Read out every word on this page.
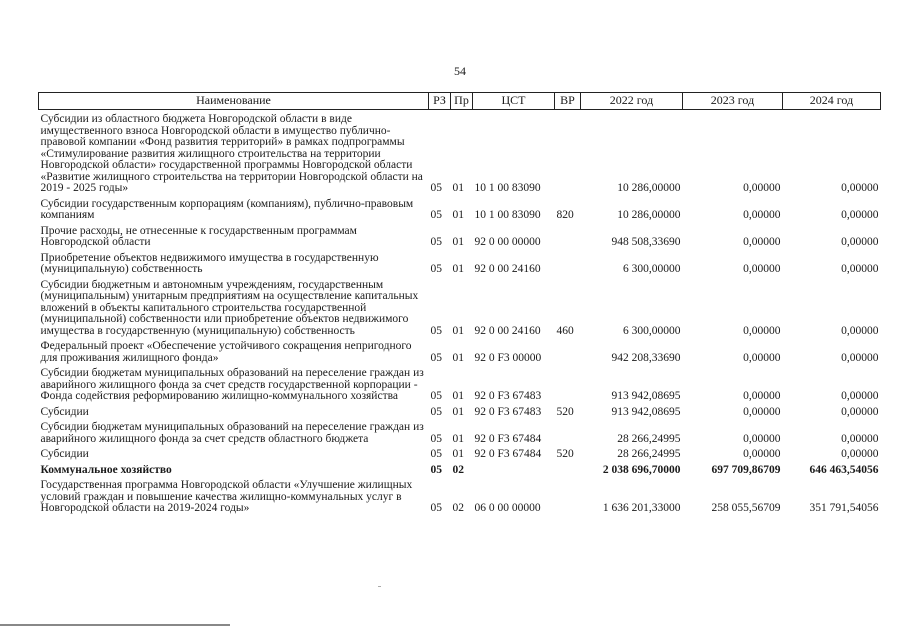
54
Наименование	РЗ	Пр	ЦСТ	ВР	2022 год	2023 год	2024 год
Субсидии из областного бюджета Новгородской области в виде имущественного взноса Новгородской области в имущество публично-правовой компании «Фонд развития территорий» в рамках подпрограммы «Стимулирование развития жилищного строительства на территории Новгородской области» государственной программы Новгородской области «Развитие жилищного строительства на территории Новгородской области на 2019 - 2025 годы»	05	01	10 1 00 83090		10 286,00000	0,00000	0,00000
Субсидии государственным корпорациям (компаниям), публично-правовым компаниям	05	01	10 1 00 83090	820	10 286,00000	0,00000	0,00000
Прочие расходы, не отнесенные к государственным программам Новгородской области	05	01	92 0 00 00000		948 508,33690	0,00000	0,00000
Приобретение объектов недвижимого имущества в государственную (муниципальную) собственность	05	01	92 0 00 24160		6 300,00000	0,00000	0,00000
Субсидии бюджетным и автономным учреждениям, государственным (муниципальным) унитарным предприятиям на осуществление капитальных вложений в объекты капитального строительства государственной (муниципальной) собственности или приобретение объектов недвижимого имущества в государственную (муниципальную) собственность	05	01	92 0 00 24160	460	6 300,00000	0,00000	0,00000
Федеральный проект «Обеспечение устойчивого сокращения непригодного для проживания жилищного фонда»	05	01	92 0 F3 00000		942 208,33690	0,00000	0,00000
Субсидии бюджетам муниципальных образований на переселение граждан из аварийного жилищного фонда за счет средств государственной корпорации - Фонда содействия реформированию жилищно-коммунального хозяйства	05	01	92 0 F3 67483		913 942,08695	0,00000	0,00000
Субсидии	05	01	92 0 F3 67483	520	913 942,08695	0,00000	0,00000
Субсидии бюджетам муниципальных образований на переселение граждан из аварийного жилищного фонда за счет средств областного бюджета	05	01	92 0 F3 67484		28 266,24995	0,00000	0,00000
Субсидии	05	01	92 0 F3 67484	520	28 266,24995	0,00000	0,00000
Коммунальное хозяйство	05	02			2 038 696,70000	697 709,86709	646 463,54056
Государственная программа Новгородской области «Улучшение жилищных условий граждан и повышение качества жилищно-коммунальных услуг в Новгородской области на 2019-2024 годы»	05	02	06 0 00 00000		1 636 201,33000	258 055,56709	351 791,54056
